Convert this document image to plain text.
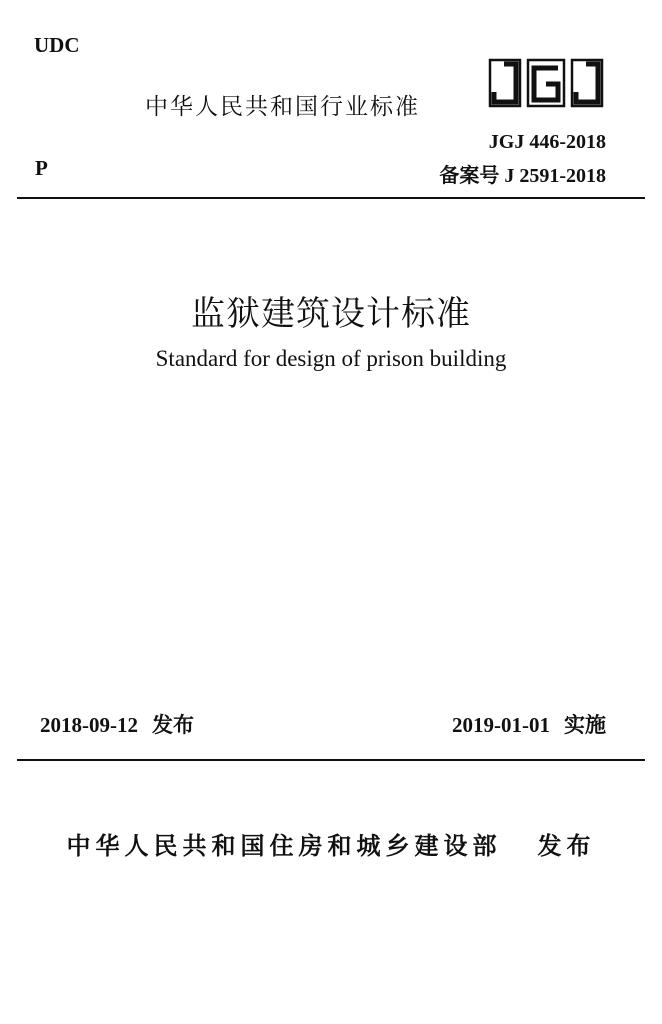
UDC
P
中华人民共和国行业标准
JGJ
JGJ 446-2018
备案号 J 2591-2018
监狱建筑设计标准
Standard for design of prison building
2018-09-12 发布	2019-01-01 实施
中华人民共和国住房和城乡建设部 发布
